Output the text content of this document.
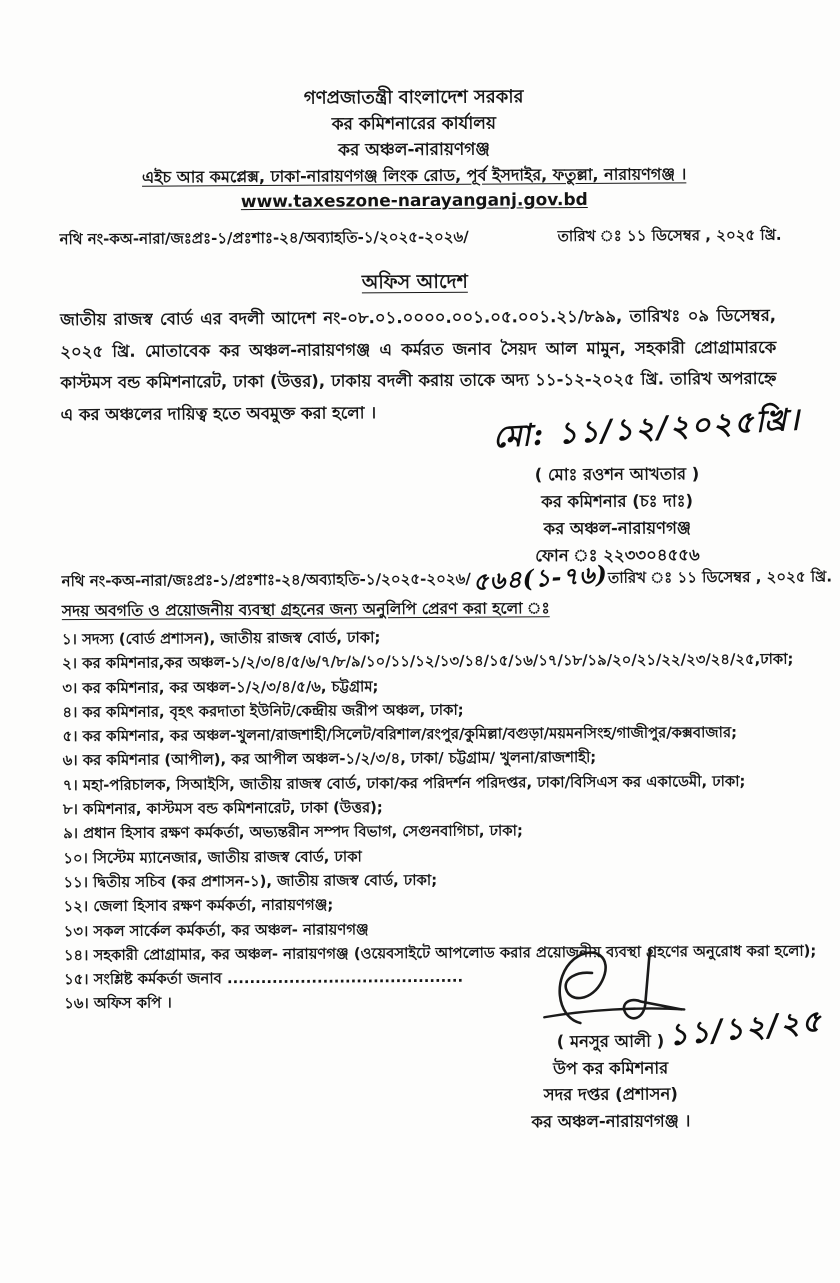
গণপ্রজাতন্ত্রী বাংলাদেশ সরকার
কর কমিশনারের কার্যালয়
কর অঞ্চল-নারায়ণগঞ্জ
এইচ আর কমপ্লেক্স, ঢাকা-নারায়ণগঞ্জ লিংক রোড, পূর্ব ইসদাইর, ফতুল্লা, নারায়ণগঞ্জ ।
www.taxeszone-narayanganj.gov.bd
নথি নং-কঅ-নারা/জঃপ্রঃ-১/প্রঃশাঃ-২৪/অব্যাহতি-১/২০২৫-২০২৬/	তারিখ ঃ ১১ ডিসেম্বর , ২০২৫ খ্রি.
অফিস আদেশ

জাতীয় রাজস্ব বোর্ড এর বদলী আদেশ নং-০৮.০১.০০০০.০০১.০৫.০০১.২১/৮৯৯, তারিখঃ ০৯ ডিসেম্বর, ২০২৫ খ্রি. মোতাবেক কর অঞ্চল-নারায়ণগঞ্জ এ কর্মরত জনাব সৈয়দ আল মামুন, সহকারী প্রোগ্রামারকে কাস্টমস বন্ড কমিশনারেট, ঢাকা (উত্তর), ঢাকায় বদলী করায় তাকে অদ্য ১১-১২-২০২৫ খ্রি. তারিখ অপরাহ্নে এ কর অঞ্চলের দায়িত্ব হতে অবমুক্ত করা হলো ।	মো: ১১/১২/২০২৫খ্রি।
( মোঃ রওশন আখতার )
কর কমিশনার (চঃ দাঃ)
কর অঞ্চল-নারায়ণগঞ্জ
ফোন ঃ ২২৩৩০৪৫৫৬
নথি নং-কঅ-নারা/জঃপ্রঃ-১/প্রঃশাঃ-২৪/অব্যাহতি-১/২০২৫-২০২৬/ ৫৬৪(১-৭৬) তারিখ ঃ ১১ ডিসেম্বর , ২০২৫ খ্রি.
সদয় অবগতি ও প্রয়োজনীয় ব্যবস্থা গ্রহনের জন্য অনুলিপি প্রেরণ করা হলো ঃ
১। সদস্য (বোর্ড প্রশাসন), জাতীয় রাজস্ব বোর্ড, ঢাকা;
২। কর কমিশনার,কর অঞ্চল-১/২/৩/৪/৫/৬/৭/৮/৯/১০/১১/১২/১৩/১৪/১৫/১৬/১৭/১৮/১৯/২০/২১/২২/২৩/২৪/২৫,ঢাকা;
৩। কর কমিশনার, কর অঞ্চল-১/২/৩/৪/৫/৬, চট্টগ্রাম;
৪। কর কমিশনার, বৃহৎ করদাতা ইউনিট/কেন্দ্রীয় জরীপ অঞ্চল, ঢাকা;
৫। কর কমিশনার, কর অঞ্চল-খুলনা/রাজশাহী/সিলেট/বরিশাল/রংপুর/কুমিল্লা/বগুড়া/ময়মনসিংহ/গাজীপুর/কক্সবাজার;
৬। কর কমিশনার (আপীল), কর আপীল অঞ্চল-১/২/৩/৪, ঢাকা/ চট্টগ্রাম/ খুলনা/রাজশাহী;
৭। মহা-পরিচালক, সিআইসি, জাতীয় রাজস্ব বোর্ড, ঢাকা/কর পরিদর্শন পরিদপ্তর, ঢাকা/বিসিএস কর একাডেমী, ঢাকা;
৮। কমিশনার, কাস্টমস বন্ড কমিশনারেট, ঢাকা (উত্তর);
৯। প্রধান হিসাব রক্ষণ কর্মকর্তা, অভ্যন্তরীন সম্পদ বিভাগ, সেগুনবাগিচা, ঢাকা;
১০। সিস্টেম ম্যানেজার, জাতীয় রাজস্ব বোর্ড, ঢাকা
১১। দ্বিতীয় সচিব (কর প্রশাসন-১), জাতীয় রাজস্ব বোর্ড, ঢাকা;
১২। জেলা হিসাব রক্ষণ কর্মকর্তা, নারায়ণগঞ্জ;
১৩। সকল সার্কেল কর্মকর্তা, কর অঞ্চল- নারায়ণগঞ্জ
১৪। সহকারী প্রোগ্রামার, কর অঞ্চল- নারায়ণগঞ্জ (ওয়েবসাইটে আপলোড করার প্রয়োজনীয় ব্যবস্থা গ্রহণের অনুরোধ করা হলো);
১৫। সংশ্লিষ্ট কর্মকর্তা জনাব ..........................................
১৬। অফিস কপি ।
১১/১২/২৫
( মনসুর আলী )
উপ কর কমিশনার
সদর দপ্তর (প্রশাসন)
কর অঞ্চল-নারায়ণগঞ্জ ।
